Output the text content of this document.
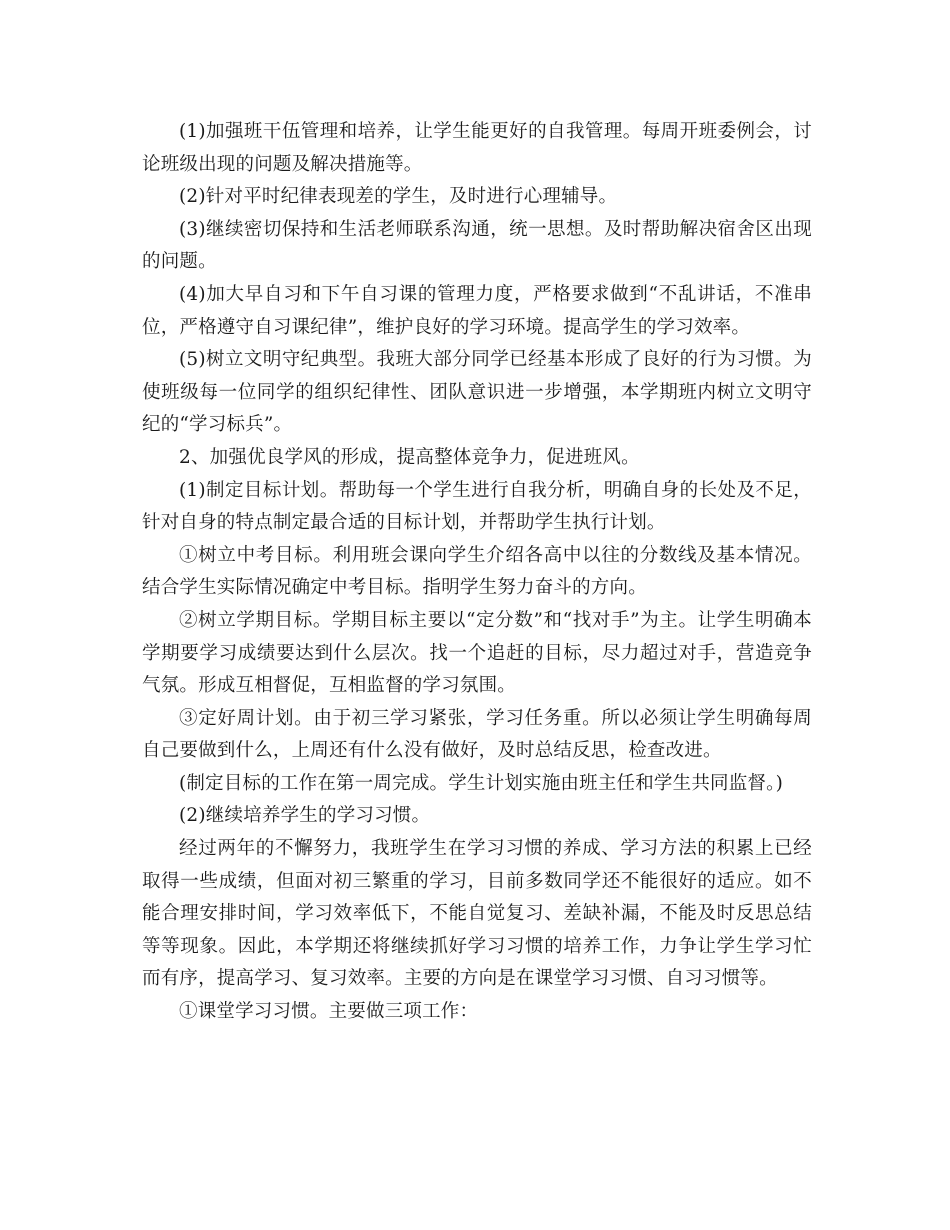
(1)加强班干伍管理和培养，让学生能更好的自我管理。每周开班委例会，讨论班级出现的问题及解决措施等。

(2)针对平时纪律表现差的学生，及时进行心理辅导。

(3)继续密切保持和生活老师联系沟通，统一思想。及时帮助解决宿舍区出现的问题。

(4)加大早自习和下午自习课的管理力度，严格要求做到“不乱讲话，不准串位，严格遵守自习课纪律”，维护良好的学习环境。提高学生的学习效率。

(5)树立文明守纪典型。我班大部分同学已经基本形成了良好的行为习惯。为使班级每一位同学的组织纪律性、团队意识进一步增强，本学期班内树立文明守纪的“学习标兵”。

2、加强优良学风的形成，提高整体竞争力，促进班风。

(1)制定目标计划。帮助每一个学生进行自我分析，明确自身的长处及不足，针对自身的特点制定最合适的目标计划，并帮助学生执行计划。

①树立中考目标。利用班会课向学生介绍各高中以往的分数线及基本情况。结合学生实际情况确定中考目标。指明学生努力奋斗的方向。

②树立学期目标。学期目标主要以“定分数”和“找对手”为主。让学生明确本学期要学习成绩要达到什么层次。找一个追赶的目标，尽力超过对手，营造竞争气氛。形成互相督促，互相监督的学习氛围。

③定好周计划。由于初三学习紧张，学习任务重。所以必须让学生明确每周自己要做到什么，上周还有什么没有做好，及时总结反思，检查改进。

(制定目标的工作在第一周完成。学生计划实施由班主任和学生共同监督。)

(2)继续培养学生的学习习惯。

经过两年的不懈努力，我班学生在学习习惯的养成、学习方法的积累上已经取得一些成绩，但面对初三繁重的学习，目前多数同学还不能很好的适应。如不能合理安排时间，学习效率低下，不能自觉复习、差缺补漏，不能及时反思总结等等现象。因此，本学期还将继续抓好学习习惯的培养工作，力争让学生学习忙而有序，提高学习、复习效率。主要的方向是在课堂学习习惯、自习习惯等。

①课堂学习习惯。主要做三项工作：
